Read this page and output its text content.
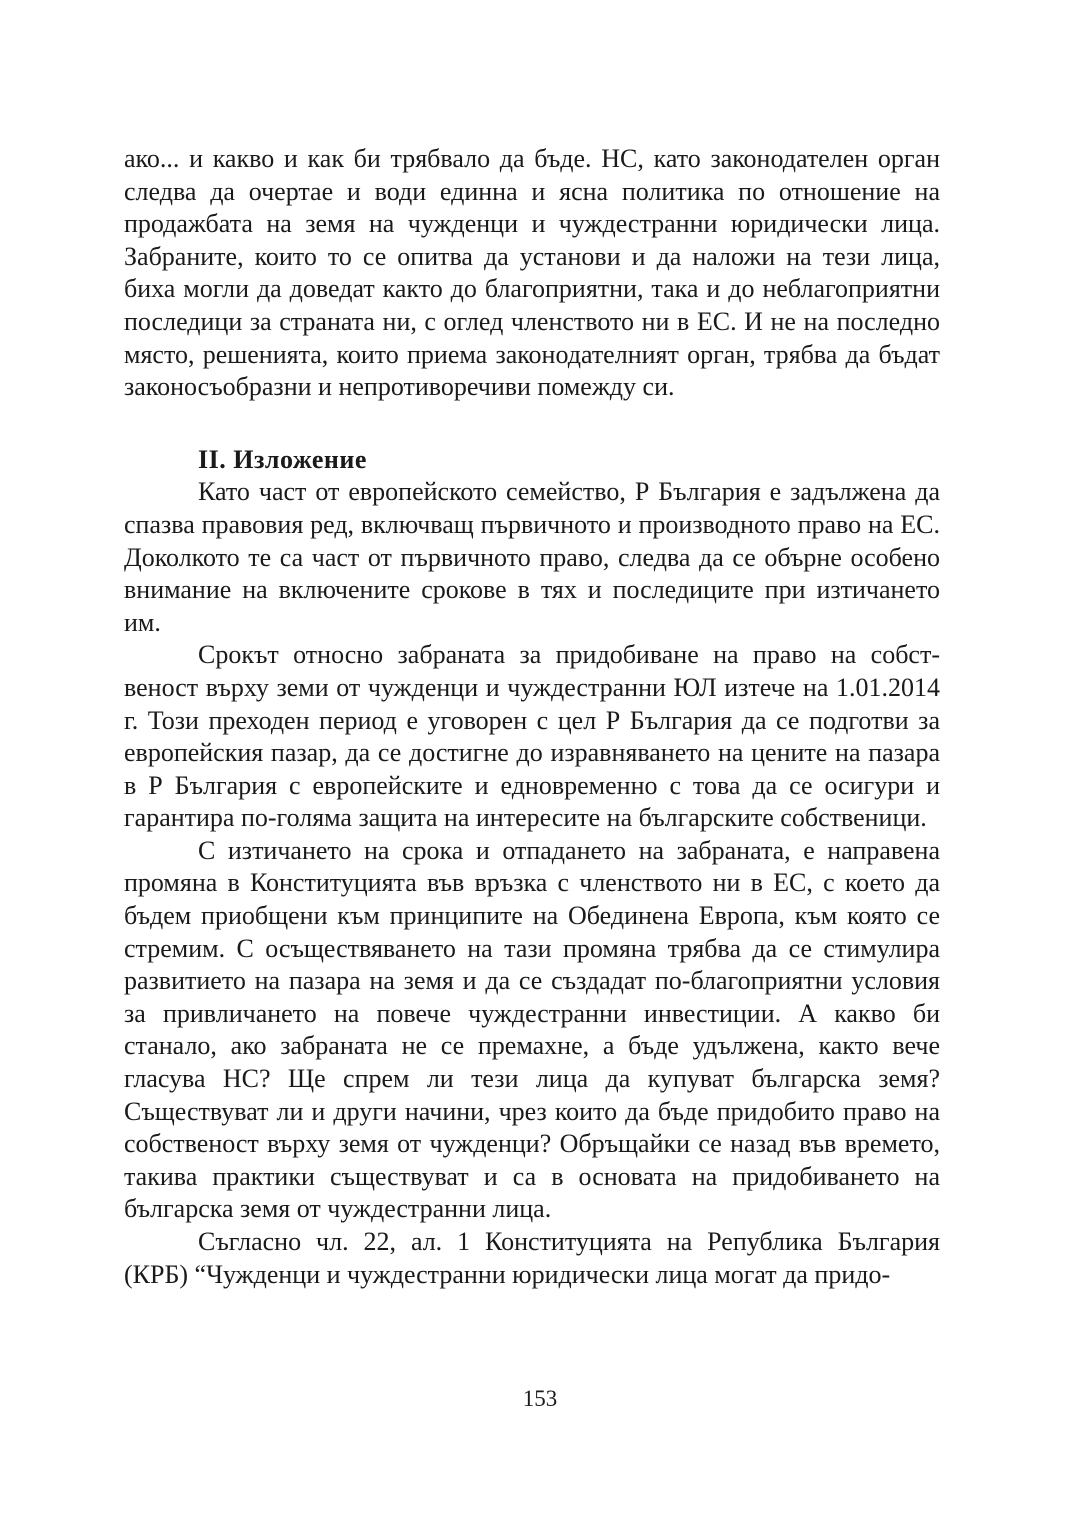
ако... и какво и как би трябвало да бъде. НС, като законодателен орган следва да очертае и води единна и ясна политика по отношение на продажбата на земя на чужденци и чуждестранни юридически лица. Забраните, които то се опитва да установи и да наложи на тези лица, биха могли да доведат както до благоприятни, така и до неблагоприятни последици за страната ни, с оглед членството ни в ЕС. И не на последно място, решенията, които приема законодателният орган, трябва да бъдат законосъобразни и непротиворечиви помежду си.

II. Изложение

Като част от европейското семейство, Р България е задължена да спазва правовия ред, включващ първичното и производното право на ЕС. Доколкото те са част от първичното право, следва да се обърне особено внимание на включените срокове в тях и последиците при изтичането им.

Срокът относно забраната за придобиване на право на собственост върху земи от чужденци и чуждестранни ЮЛ изтече на 1.01.2014 г. Този преходен период е уговорен с цел Р България да се подготви за европейския пазар, да се достигне до изравняването на цените на пазара в Р България с европейските и едновременно с това да се осигури и гарантира по-голяма защита на интересите на българските собственици.

С изтичането на срока и отпадането на забраната, е направена промяна в Конституцията във връзка с членството ни в ЕС, с което да бъдем приобщени към принципите на Обединена Европа, към която се стремим. С осъществяването на тази промяна трябва да се стимулира развитието на пазара на земя и да се създадат по-благоприятни условия за привличането на повече чуждестранни инвестиции. А какво би станало, ако забраната не се премахне, а бъде удължена, както вече гласува НС? Ще спрем ли тези лица да купуват българска земя? Съществуват ли и други начини, чрез които да бъде придобито право на собственост върху земя от чужденци? Обръщайки се назад във времето, такива практики съществуват и са в основата на придобиването на българска земя от чуждестранни лица.

Съгласно чл. 22, ал. 1 Конституцията на Република България (КРБ) “Чужденци и чуждестранни юридически лица могат да придо-

153
